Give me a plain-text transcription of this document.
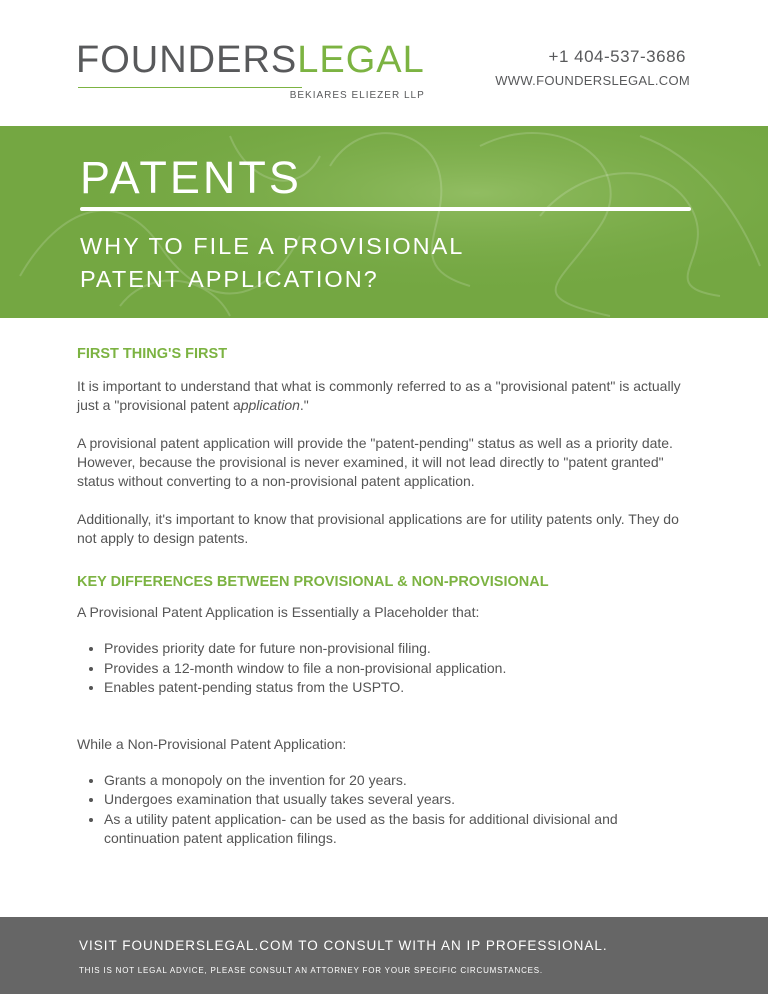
FOUNDERSLEGAL
BEKIARES ELIEZER LLP
+1 404-537-3686
WWW.FOUNDERSLEGAL.COM
PATENTS
WHY TO FILE A PROVISIONAL
PATENT APPLICATION?
FIRST THING'S FIRST

It is important to understand that what is commonly referred to as a "provisional patent" is actually just a "provisional patent application."

A provisional patent application will provide the "patent-pending" status as well as a priority date. However, because the provisional is never examined, it will not lead directly to "patent granted" status without converting to a non-provisional patent application.

Additionally, it's important to know that provisional applications are for utility patents only. They do not apply to design patents.

KEY DIFFERENCES BETWEEN PROVISIONAL & NON-PROVISIONAL

A Provisional Patent Application is Essentially a Placeholder that:

• Provides priority date for future non-provisional filing.
• Provides a 12-month window to file a non-provisional application.
• Enables patent-pending status from the USPTO.

While a Non-Provisional Patent Application:

• Grants a monopoly on the invention for 20 years.
• Undergoes examination that usually takes several years.
• As a utility patent application- can be used as the basis for additional divisional and continuation patent application filings.
VISIT FOUNDERSLEGAL.COM TO CONSULT WITH AN IP PROFESSIONAL.
THIS IS NOT LEGAL ADVICE, PLEASE CONSULT AN ATTORNEY FOR YOUR SPECIFIC CIRCUMSTANCES.
